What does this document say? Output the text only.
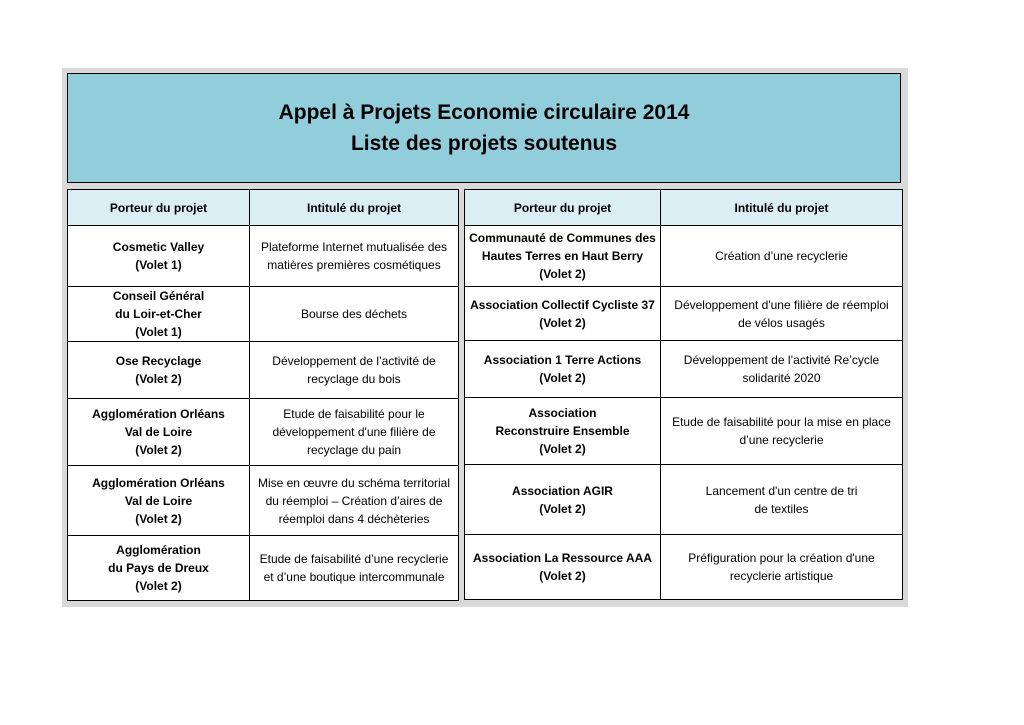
Appel à Projets Economie circulaire 2014
Liste des projets soutenus
Porteur du projet	Intitulé du projet

Cosmetic Valley
(Volet 1)	Plateforme Internet mutualisée des
matières premières cosmétiques

Conseil Général
du Loir-et-Cher
(Volet 1)	Bourse des déchets

Ose Recyclage
(Volet 2)	Développement de l’activité de
recyclage du bois

Agglomération Orléans
Val de Loire
(Volet 2)	Etude de faisabilité pour le
développement d'une filière de
recyclage du pain

Agglomération Orléans
Val de Loire
(Volet 2)	Mise en œuvre du schéma territorial
du réemploi – Création d’aires de
réemploi dans 4 déchèteries

Agglomération
du Pays de Dreux
(Volet 2)	Etude de faisabilité d’une recyclerie
et d’une boutique intercommunale
Porteur du projet	Intitulé du projet

Communauté de Communes des
Hautes Terres en Haut Berry
(Volet 2)	Création d’une recyclerie

Association Collectif Cycliste 37
(Volet 2)	Développement d'une filière de réemploi
de vélos usagés

Association 1 Terre Actions
(Volet 2)	Développement de l’activité Re’cycle
solidarité 2020

Association
Reconstruire Ensemble
(Volet 2)	Etude de faisabilité pour la mise en place
d’une recyclerie

Association AGIR
(Volet 2)	Lancement d'un centre de tri
de textiles

Association La Ressource AAA
(Volet 2)	Préfiguration pour la création d'une
recyclerie artistique
